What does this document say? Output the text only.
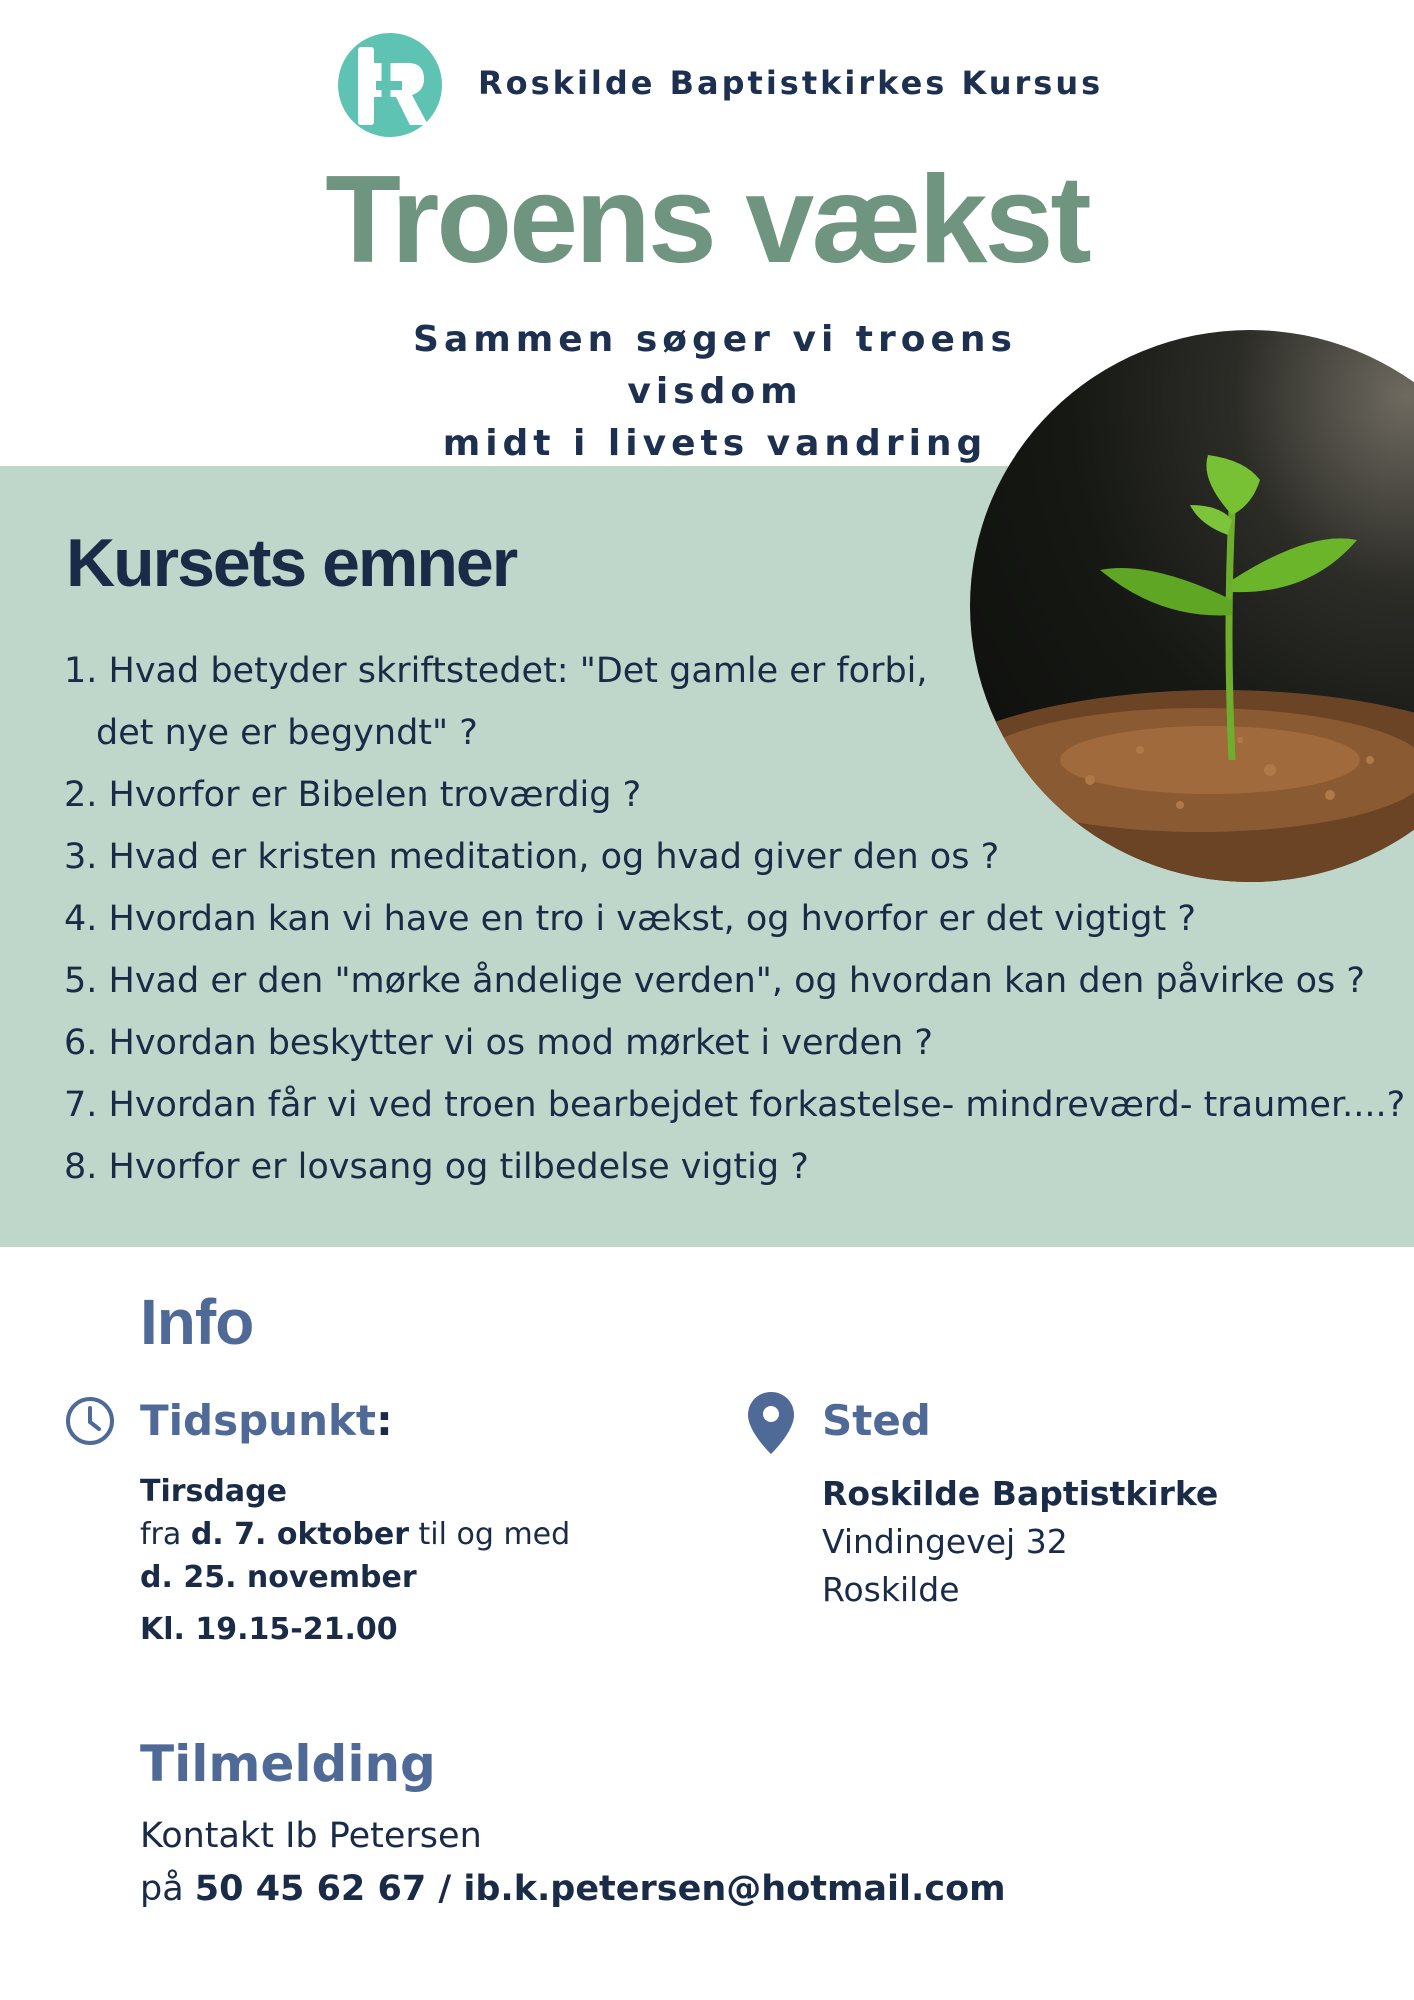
Roskilde Baptistkirkes Kursus
Troens vækst
Sammen søger vi troens visdom
midt i livets vandring
Kursets emner
1. Hvad betyder skriftstedet: "Det gamle er forbi,
det nye er begyndt" ?
2. Hvorfor er Bibelen troværdig ?
3. Hvad er kristen meditation, og hvad giver den os ?
4. Hvordan kan vi have en tro i vækst, og hvorfor er det vigtigt ?
5. Hvad er den "mørke åndelige verden", og hvordan kan den påvirke os ?
6. Hvordan beskytter vi os mod mørket i verden ?
7. Hvordan får vi ved troen bearbejdet forkastelse- mindreværd- traumer....?
8. Hvorfor er lovsang og tilbedelse vigtig ?
Info
Tidspunkt:
Tirsdage
fra d. 7. oktober til og med
d. 25. november
Kl. 19.15-21.00
Sted
Roskilde Baptistkirke
Vindingevej 32
Roskilde
Tilmelding
Kontakt Ib Petersen
på 50 45 62 67 / ib.k.petersen@hotmail.com
